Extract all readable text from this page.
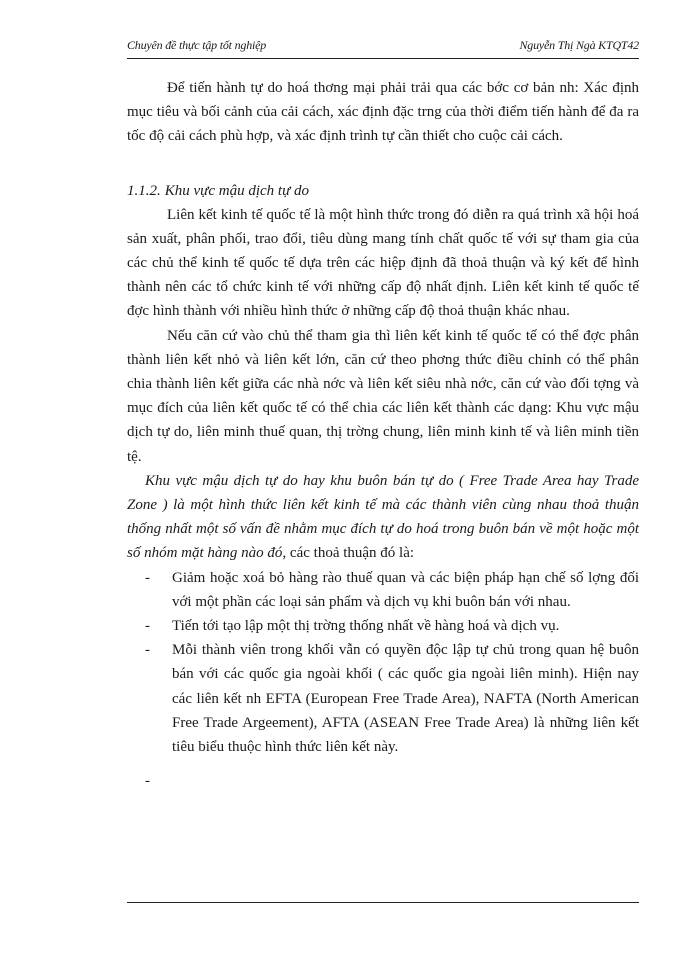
Chuyên đề thực tập tốt nghiệp	Nguyễn Thị Ngà KTQT42

Để tiến hành tự do hoá thơng mại phải trải qua các bớc cơ bản nh: Xác định mục tiêu và bối cảnh của cải cách, xác định đặc trng của thời điểm tiến hành để đa ra tốc độ cải cách phù hợp, và xác định trình tự cần thiết cho cuộc cải cách.

1.1.2. Khu vực mậu dịch tự do

Liên kết kinh tế quốc tế là một hình thức trong đó diễn ra quá trình xã hội hoá sản xuất, phân phối, trao đổi, tiêu dùng mang tính chất quốc tế với sự tham gia của các chủ thể kinh tế quốc tế dựa trên các hiệp định đã thoả thuận và ký kết để hình thành nên các tổ chức kinh tế với những cấp độ nhất định. Liên kết kinh tế quốc tế đợc hình thành với nhiều hình thức ở những cấp độ thoả thuận khác nhau.

Nếu căn cứ vào chủ thể tham gia thì liên kết kinh tế quốc tế có thể đợc phân thành liên kết nhỏ và liên kết lớn, căn cứ theo phơng thức điều chỉnh có thể phân chia thành liên kết giữa các nhà nớc và liên kết siêu nhà nớc, căn cứ vào đối tợng và mục đích của liên kết quốc tế có thể chia các liên kết thành các dạng: Khu vực mậu dịch tự do, liên minh thuế quan, thị trờng chung, liên minh kinh tế và liên minh tiền tệ.

Khu vực mậu dịch tự do hay khu buôn bán tự do ( Free Trade Area hay Trade Zone ) là một hình thức liên kết kinh tế mà các thành viên cùng nhau thoả thuận thống nhất một số vấn đề nhằm mục đích tự do hoá trong buôn bán về một hoặc một số nhóm mặt hàng nào đó, các thoả thuận đó là:

- Giảm hoặc xoá bỏ hàng rào thuế quan và các biện pháp hạn chế số lợng đối với một phần các loại sản phẩm và dịch vụ khi buôn bán với nhau.
- Tiến tới tạo lập một thị trờng thống nhất về hàng hoá và dịch vụ.
- Mỗi thành viên trong khối vẫn có quyền độc lập tự chủ trong quan hệ buôn bán với các quốc gia ngoài khối ( các quốc gia ngoài liên minh). Hiện nay các liên kết nh EFTA (European Free Trade Area), NAFTA (North American Free Trade Argeement), AFTA (ASEAN Free Trade Area) là những liên kết tiêu biểu thuộc hình thức liên kết này.
-
